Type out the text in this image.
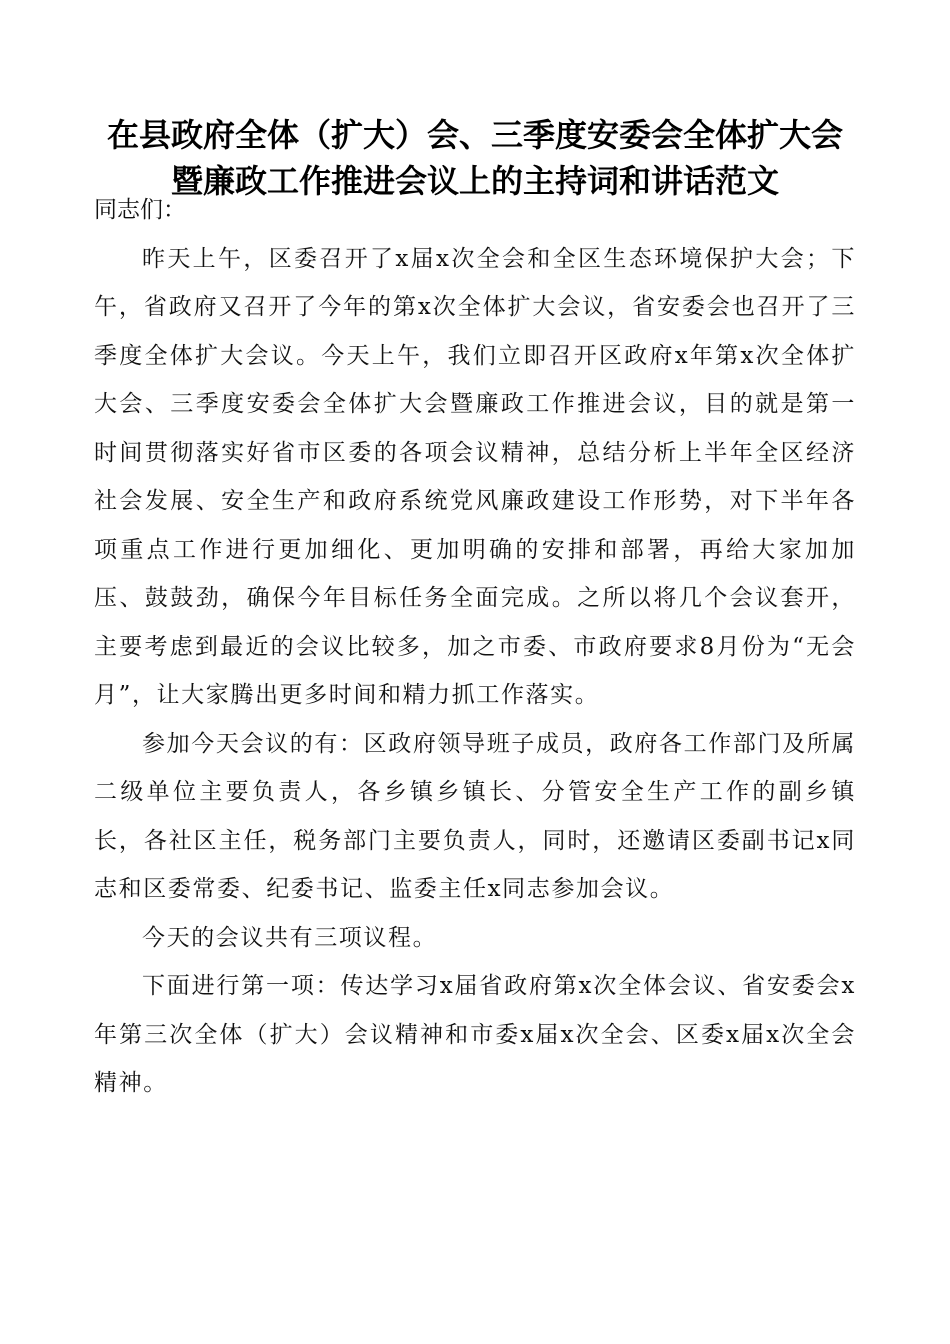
在县政府全体（扩大）会、三季度安委会全体扩大会暨廉政工作推进会议上的主持词和讲话范文

同志们：

昨天上午，区委召开了x届x次全会和全区生态环境保护大会；下午，省政府又召开了今年的第x次全体扩大会议，省安委会也召开了三季度全体扩大会议。今天上午，我们立即召开区政府x年第x次全体扩大会、三季度安委会全体扩大会暨廉政工作推进会议，目的就是第一时间贯彻落实好省市区委的各项会议精神，总结分析上半年全区经济社会发展、安全生产和政府系统党风廉政建设工作形势，对下半年各项重点工作进行更加细化、更加明确的安排和部署，再给大家加加压、鼓鼓劲，确保今年目标任务全面完成。之所以将几个会议套开，主要考虑到最近的会议比较多，加之市委、市政府要求8月份为“无会月”，让大家腾出更多时间和精力抓工作落实。

参加今天会议的有：区政府领导班子成员，政府各工作部门及所属二级单位主要负责人，各乡镇乡镇长、分管安全生产工作的副乡镇长，各社区主任，税务部门主要负责人，同时，还邀请区委副书记x同志和区委常委、纪委书记、监委主任x同志参加会议。

今天的会议共有三项议程。

下面进行第一项：传达学习x届省政府第x次全体会议、省安委会x年第三次全体（扩大）会议精神和市委x届x次全会、区委x届x次全会精神。
